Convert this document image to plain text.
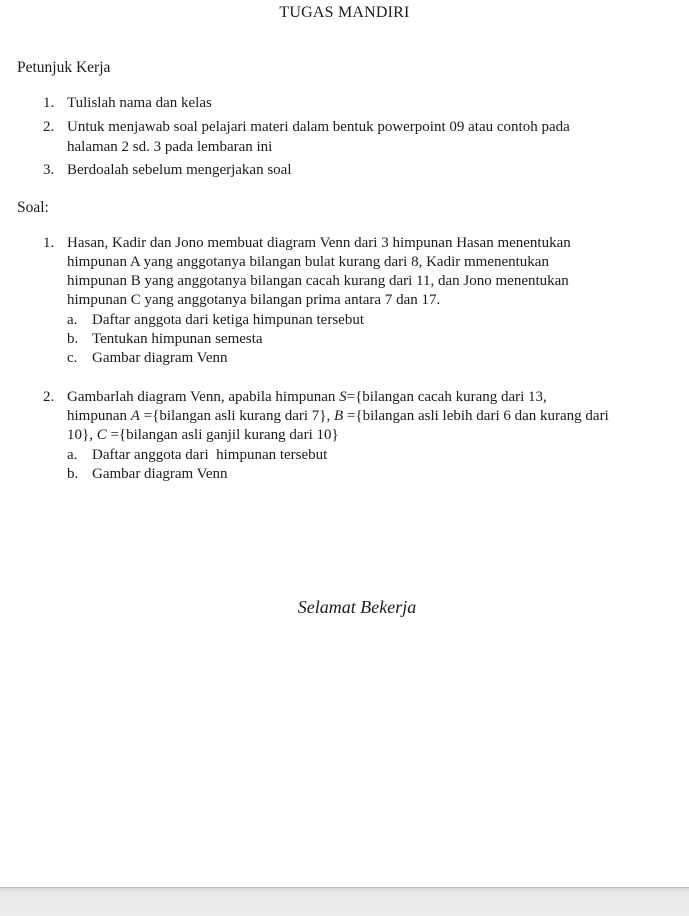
TUGAS MANDIRI
Petunjuk Kerja
1. Tulislah nama dan kelas
2. Untuk menjawab soal pelajari materi dalam bentuk powerpoint 09 atau contoh pada
halaman 2 sd. 3 pada lembaran ini
3. Berdoalah sebelum mengerjakan soal
Soal:
1. Hasan, Kadir dan Jono membuat diagram Venn dari 3 himpunan Hasan menentukan
himpunan A yang anggotanya bilangan bulat kurang dari 8, Kadir mmenentukan
himpunan B yang anggotanya bilangan cacah kurang dari 11, dan Jono menentukan
himpunan C yang anggotanya bilangan prima antara 7 dan 17.
a. Daftar anggota dari ketiga himpunan tersebut
b. Tentukan himpunan semesta
c. Gambar diagram Venn
2. Gambarlah diagram Venn, apabila himpunan S={bilangan cacah kurang dari 13,
himpunan A ={bilangan asli kurang dari 7}, B ={bilangan asli lebih dari 6 dan kurang dari
10}, C ={bilangan asli ganjil kurang dari 10}
a. Daftar anggota dari  himpunan tersebut
b. Gambar diagram Venn
Selamat Bekerja
